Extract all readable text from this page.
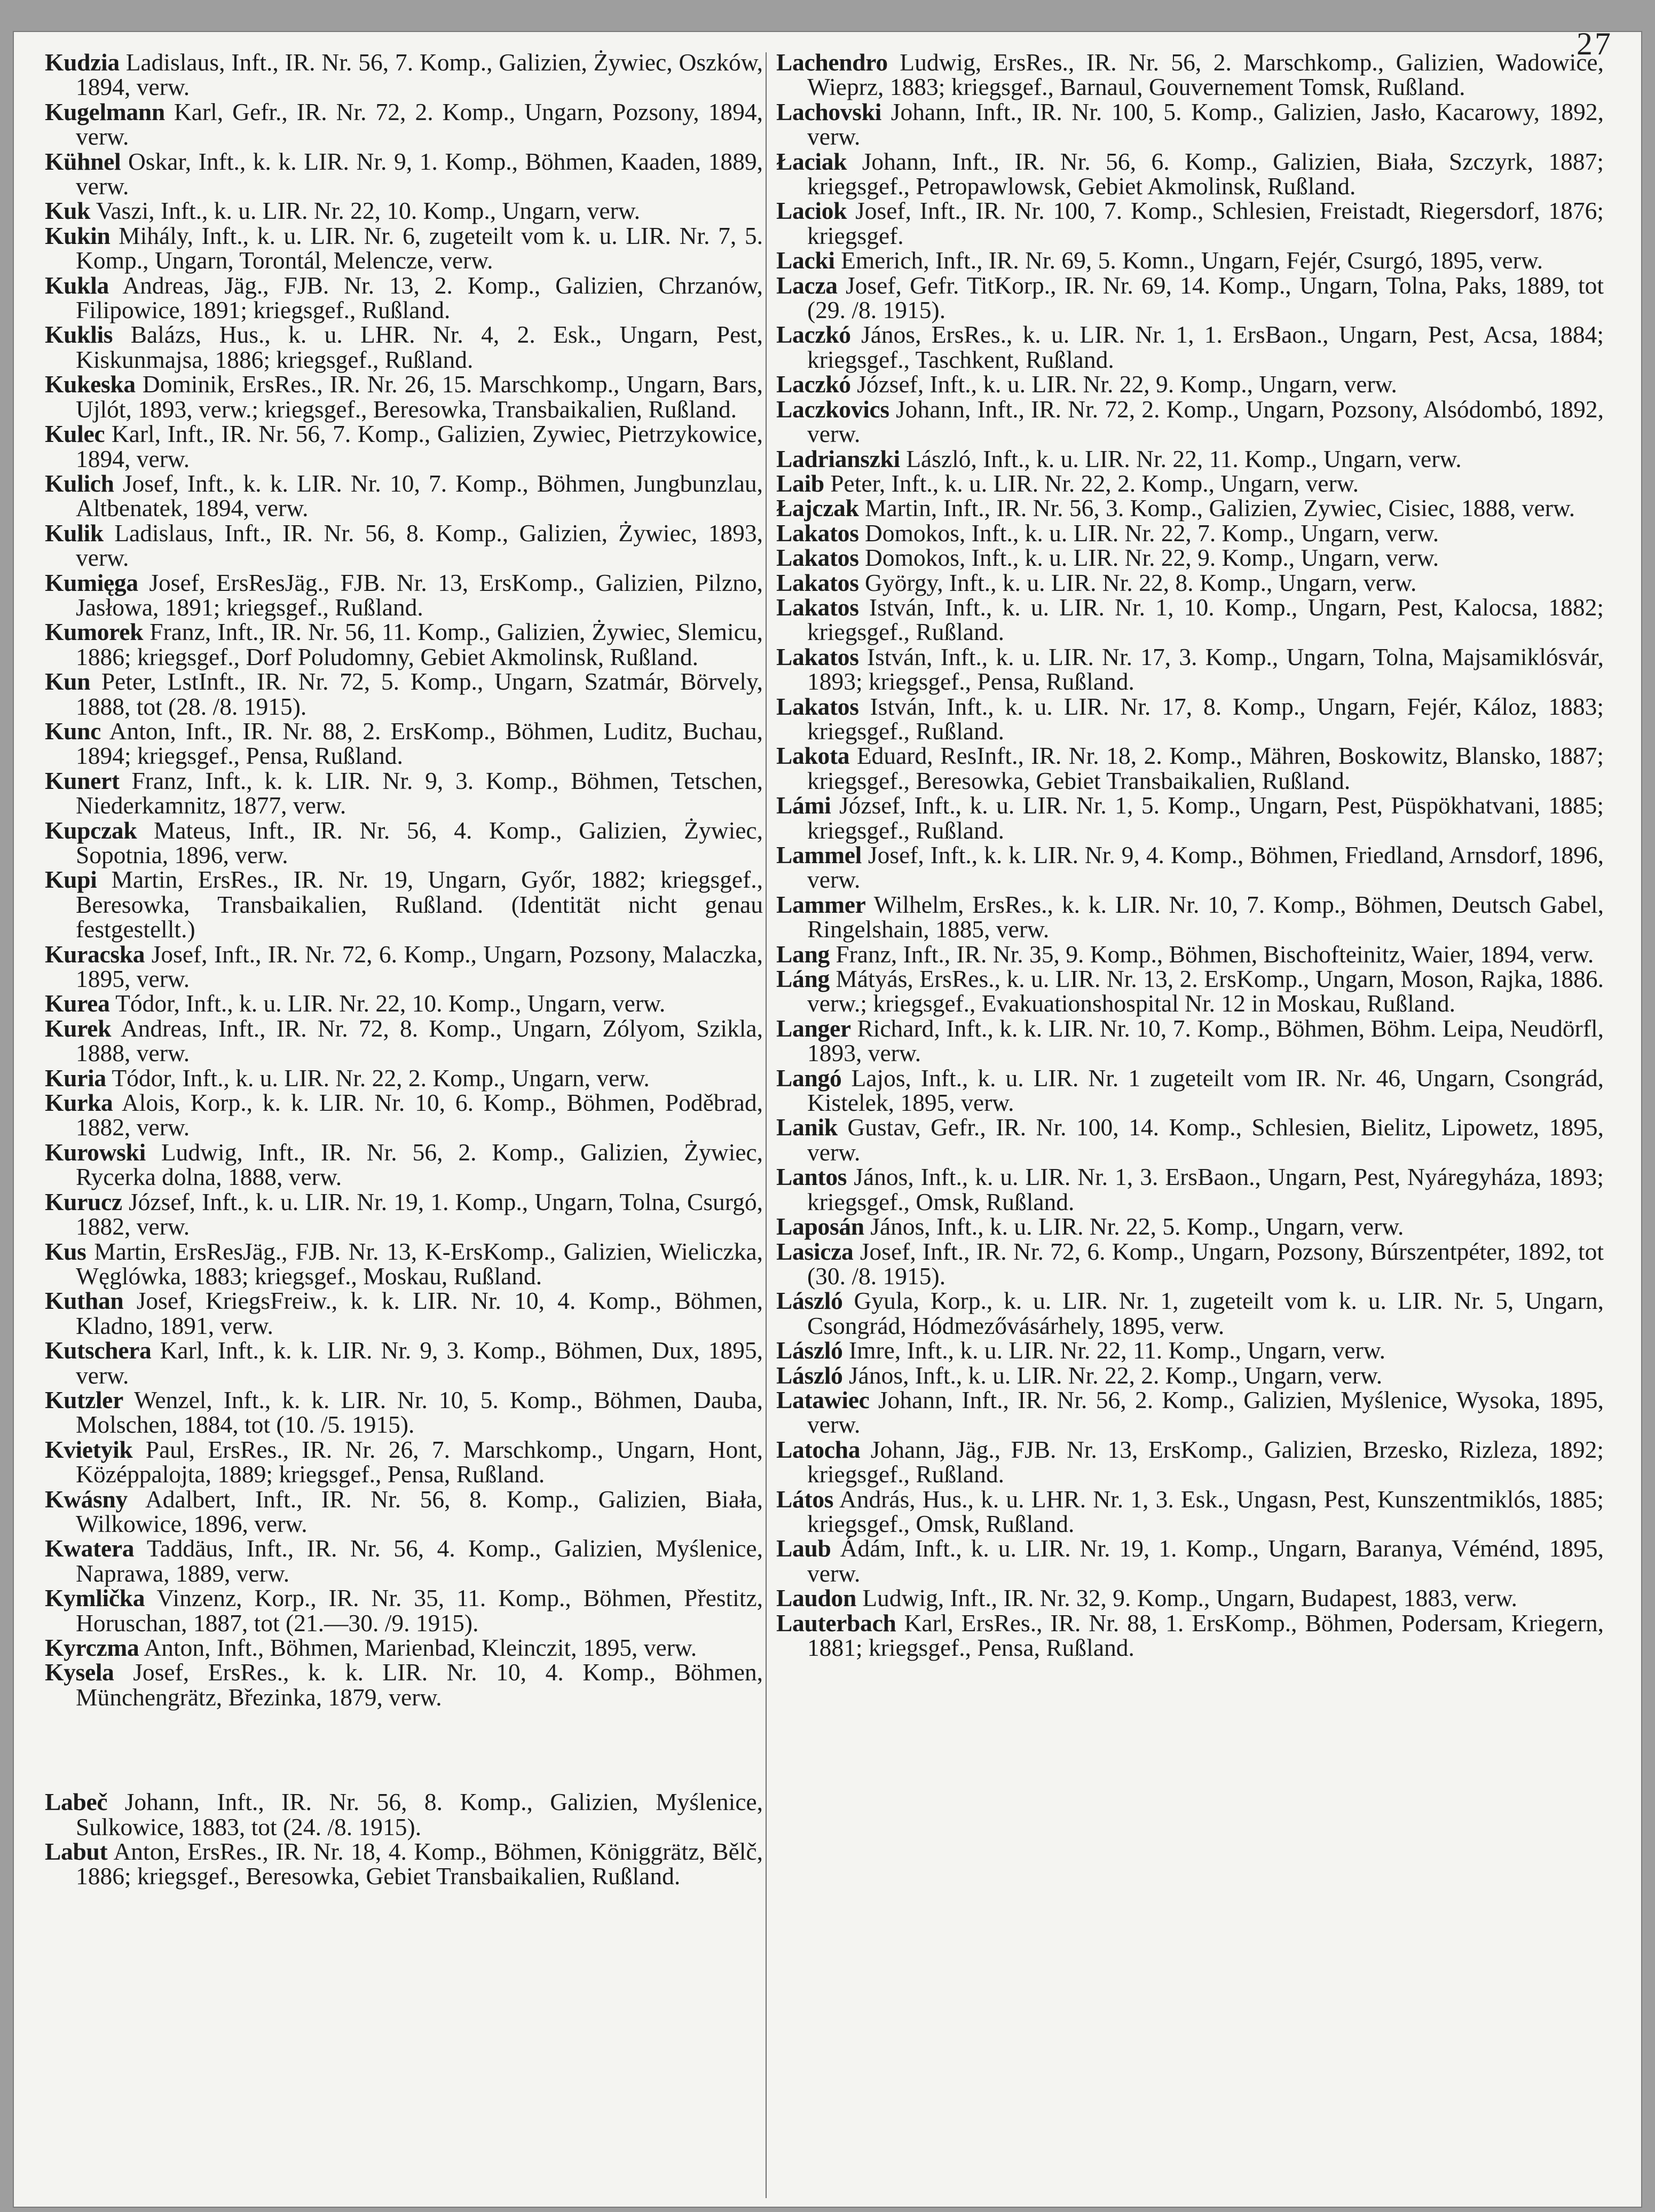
27

Kudzia Ladislaus, Inft., IR. Nr. 56, 7. Komp., Galizien, Żywiec, Oszków, 1894, verw.

Kugelmann Karl, Gefr., IR. Nr. 72, 2. Komp., Ungarn, Pozsony, 1894, verw.

Kühnel Oskar, Inft., k. k. LIR. Nr. 9, 1. Komp., Böhmen, Kaaden, 1889, verw.

Kuk Vaszi, Inft., k. u. LIR. Nr. 22, 10. Komp., Ungarn, verw.

Kukin Mihály, Inft., k. u. LIR. Nr. 6, zugeteilt vom k. u. LIR. Nr. 7, 5. Komp., Ungarn, Torontál, Melencze, verw.

Kukla Andreas, Jäg., FJB. Nr. 13, 2. Komp., Galizien, Chrzanów, Filipowice, 1891; kriegsgef., Rußland.

Kuklis Balázs, Hus., k. u. LHR. Nr. 4, 2. Esk., Ungarn, Pest, Kiskunmajsa, 1886; kriegsgef., Rußland.

Kukeska Dominik, ErsRes., IR. Nr. 26, 15. Marschkomp., Ungarn, Bars, Ujlót, 1893, verw.; kriegsgef., Beresowka, Transbaikalien, Rußland.

Kulec Karl, Inft., IR. Nr. 56, 7. Komp., Galizien, Zywiec, Pietrzykowice, 1894, verw.

Kulich Josef, Inft., k. k. LIR. Nr. 10, 7. Komp., Böhmen, Jungbunzlau, Altbenatek, 1894, verw.

Kulik Ladislaus, Inft., IR. Nr. 56, 8. Komp., Galizien, Żywiec, 1893, verw.

Kumięga Josef, ErsResJäg., FJB. Nr. 13, ErsKomp., Galizien, Pilzno, Jasłowa, 1891; kriegsgef., Rußland.

Kumorek Franz, Inft., IR. Nr. 56, 11. Komp., Galizien, Żywiec, Slemicu, 1886; kriegsgef., Dorf Poludomny, Gebiet Akmolinsk, Rußland.

Kun Peter, LstInft., IR. Nr. 72, 5. Komp., Ungarn, Szatmár, Börvely, 1888, tot (28. /8. 1915).

Kunc Anton, Inft., IR. Nr. 88, 2. ErsKomp., Böhmen, Luditz, Buchau, 1894; kriegsgef., Pensa, Rußland.

Kunert Franz, Inft., k. k. LIR. Nr. 9, 3. Komp., Böhmen, Tetschen, Niederkamnitz, 1877, verw.

Kupczak Mateus, Inft., IR. Nr. 56, 4. Komp., Galizien, Żywiec, Sopotnia, 1896, verw.

Kupi Martin, ErsRes., IR. Nr. 19, Ungarn, Győr, 1882; kriegsgef., Beresowka, Transbaikalien, Rußland. (Identität nicht genau festgestellt.)

Kuracska Josef, Inft., IR. Nr. 72, 6. Komp., Ungarn, Pozsony, Malaczka, 1895, verw.

Kurea Tódor, Inft., k. u. LIR. Nr. 22, 10. Komp., Ungarn, verw.

Kurek Andreas, Inft., IR. Nr. 72, 8. Komp., Ungarn, Zólyom, Szikla, 1888, verw.

Kuria Tódor, Inft., k. u. LIR. Nr. 22, 2. Komp., Ungarn, verw.

Kurka Alois, Korp., k. k. LIR. Nr. 10, 6. Komp., Böhmen, Poděbrad, 1882, verw.

Kurowski Ludwig, Inft., IR. Nr. 56, 2. Komp., Galizien, Żywiec, Rycerka dolna, 1888, verw.

Kurucz József, Inft., k. u. LIR. Nr. 19, 1. Komp., Ungarn, Tolna, Csurgó, 1882, verw.

Kus Martin, ErsResJäg., FJB. Nr. 13, K-ErsKomp., Galizien, Wieliczka, Węglówka, 1883; kriegsgef., Moskau, Rußland.

Kuthan Josef, KriegsFreiw., k. k. LIR. Nr. 10, 4. Komp., Böhmen, Kladno, 1891, verw.

Kutschera Karl, Inft., k. k. LIR. Nr. 9, 3. Komp., Böhmen, Dux, 1895, verw.

Kutzler Wenzel, Inft., k. k. LIR. Nr. 10, 5. Komp., Böhmen, Dauba, Molschen, 1884, tot (10. /5. 1915).

Kvietyik Paul, ErsRes., IR. Nr. 26, 7. Marschkomp., Ungarn, Hont, Középpalojta, 1889; kriegsgef., Pensa, Rußland.

Kwásny Adalbert, Inft., IR. Nr. 56, 8. Komp., Galizien, Biała, Wilkowice, 1896, verw.

Kwatera Taddäus, Inft., IR. Nr. 56, 4. Komp., Galizien, Myślenice, Naprawa, 1889, verw.

Kymlička Vinzenz, Korp., IR. Nr. 35, 11. Komp., Böhmen, Přestitz, Horuschan, 1887, tot (21.—30. /9. 1915).

Kyrczma Anton, Inft., Böhmen, Marienbad, Kleinczit, 1895, verw.

Kysela Josef, ErsRes., k. k. LIR. Nr. 10, 4. Komp., Böhmen, Münchengrätz, Březinka, 1879, verw.

Labeč Johann, Inft., IR. Nr. 56, 8. Komp., Galizien, Myślenice, Sulkowice, 1883, tot (24. /8. 1915).

Labut Anton, ErsRes., IR. Nr. 18, 4. Komp., Böhmen, Königgrätz, Bělč, 1886; kriegsgef., Beresowka, Gebiet Transbaikalien, Rußland.

Lachendro Ludwig, ErsRes., IR. Nr. 56, 2. Marschkomp., Galizien, Wadowice, Wieprz, 1883; kriegsgef., Barnaul, Gouvernement Tomsk, Rußland.

Lachovski Johann, Inft., IR. Nr. 100, 5. Komp., Galizien, Jasło, Kacarowy, 1892, verw.

Łaciak Johann, Inft., IR. Nr. 56, 6. Komp., Galizien, Biała, Szczyrk, 1887; kriegsgef., Petropawlowsk, Gebiet Akmolinsk, Rußland.

Laciok Josef, Inft., IR. Nr. 100, 7. Komp., Schlesien, Freistadt, Riegersdorf, 1876; kriegsgef.

Lacki Emerich, Inft., IR. Nr. 69, 5. Komn., Ungarn, Fejér, Csurgó, 1895, verw.

Lacza Josef, Gefr. TitKorp., IR. Nr. 69, 14. Komp., Ungarn, Tolna, Paks, 1889, tot (29. /8. 1915).

Laczkó János, ErsRes., k. u. LIR. Nr. 1, 1. ErsBaon., Ungarn, Pest, Acsa, 1884; kriegsgef., Taschkent, Rußland.

Laczkó József, Inft., k. u. LIR. Nr. 22, 9. Komp., Ungarn, verw.

Laczkovics Johann, Inft., IR. Nr. 72, 2. Komp., Ungarn, Pozsony, Alsódombó, 1892, verw.

Ladrianszki László, Inft., k. u. LIR. Nr. 22, 11. Komp., Ungarn, verw.

Laib Peter, Inft., k. u. LIR. Nr. 22, 2. Komp., Ungarn, verw.

Łajczak Martin, Inft., IR. Nr. 56, 3. Komp., Galizien, Zywiec, Cisiec, 1888, verw.

Lakatos Domokos, Inft., k. u. LIR. Nr. 22, 7. Komp., Ungarn, verw.

Lakatos Domokos, Inft., k. u. LIR. Nr. 22, 9. Komp., Ungarn, verw.

Lakatos György, Inft., k. u. LIR. Nr. 22, 8. Komp., Ungarn, verw.

Lakatos István, Inft., k. u. LIR. Nr. 1, 10. Komp., Ungarn, Pest, Kalocsa, 1882; kriegsgef., Rußland.

Lakatos István, Inft., k. u. LIR. Nr. 17, 3. Komp., Ungarn, Tolna, Majsamiklósvár, 1893; kriegsgef., Pensa, Rußland.

Lakatos István, Inft., k. u. LIR. Nr. 17, 8. Komp., Ungarn, Fejér, Káloz, 1883; kriegsgef., Rußland.

Lakota Eduard, ResInft., IR. Nr. 18, 2. Komp., Mähren, Boskowitz, Blansko, 1887; kriegsgef., Beresowka, Gebiet Transbaikalien, Rußland.

Lámi József, Inft., k. u. LIR. Nr. 1, 5. Komp., Ungarn, Pest, Püspökhatvani, 1885; kriegsgef., Rußland.

Lammel Josef, Inft., k. k. LIR. Nr. 9, 4. Komp., Böhmen, Friedland, Arnsdorf, 1896, verw.

Lammer Wilhelm, ErsRes., k. k. LIR. Nr. 10, 7. Komp., Böhmen, Deutsch Gabel, Ringelshain, 1885, verw.

Lang Franz, Inft., IR. Nr. 35, 9. Komp., Böhmen, Bischofteinitz, Waier, 1894, verw.

Láng Mátyás, ErsRes., k. u. LIR. Nr. 13, 2. ErsKomp., Ungarn, Moson, Rajka, 1886. verw.; kriegsgef., Evakuationshospital Nr. 12 in Moskau, Rußland.

Langer Richard, Inft., k. k. LIR. Nr. 10, 7. Komp., Böhmen, Böhm. Leipa, Neudörfl, 1893, verw.

Langó Lajos, Inft., k. u. LIR. Nr. 1 zugeteilt vom IR. Nr. 46, Ungarn, Csongrád, Kistelek, 1895, verw.

Lanik Gustav, Gefr., IR. Nr. 100, 14. Komp., Schlesien, Bielitz, Lipowetz, 1895, verw.

Lantos János, Inft., k. u. LIR. Nr. 1, 3. ErsBaon., Ungarn, Pest, Nyáregyháza, 1893; kriegsgef., Omsk, Rußland.

Laposán János, Inft., k. u. LIR. Nr. 22, 5. Komp., Ungarn, verw.

Lasicza Josef, Inft., IR. Nr. 72, 6. Komp., Ungarn, Pozsony, Búrszentpéter, 1892, tot (30. /8. 1915).

László Gyula, Korp., k. u. LIR. Nr. 1, zugeteilt vom k. u. LIR. Nr. 5, Ungarn, Csongrád, Hódmezővásárhely, 1895, verw.

László Imre, Inft., k. u. LIR. Nr. 22, 11. Komp., Ungarn, verw.

László János, Inft., k. u. LIR. Nr. 22, 2. Komp., Ungarn, verw.

Latawiec Johann, Inft., IR. Nr. 56, 2. Komp., Galizien, Myślenice, Wysoka, 1895, verw.

Latocha Johann, Jäg., FJB. Nr. 13, ErsKomp., Galizien, Brzesko, Rizleza, 1892; kriegsgef., Rußland.

Látos András, Hus., k. u. LHR. Nr. 1, 3. Esk., Ungasn, Pest, Kunszentmiklós, 1885; kriegsgef., Omsk, Rußland.

Laub Ádám, Inft., k. u. LIR. Nr. 19, 1. Komp., Ungarn, Baranya, Véménd, 1895, verw.

Laudon Ludwig, Inft., IR. Nr. 32, 9. Komp., Ungarn, Budapest, 1883, verw.

Lauterbach Karl, ErsRes., IR. Nr. 88, 1. ErsKomp., Böhmen, Podersam, Kriegern, 1881; kriegsgef., Pensa, Rußland.
